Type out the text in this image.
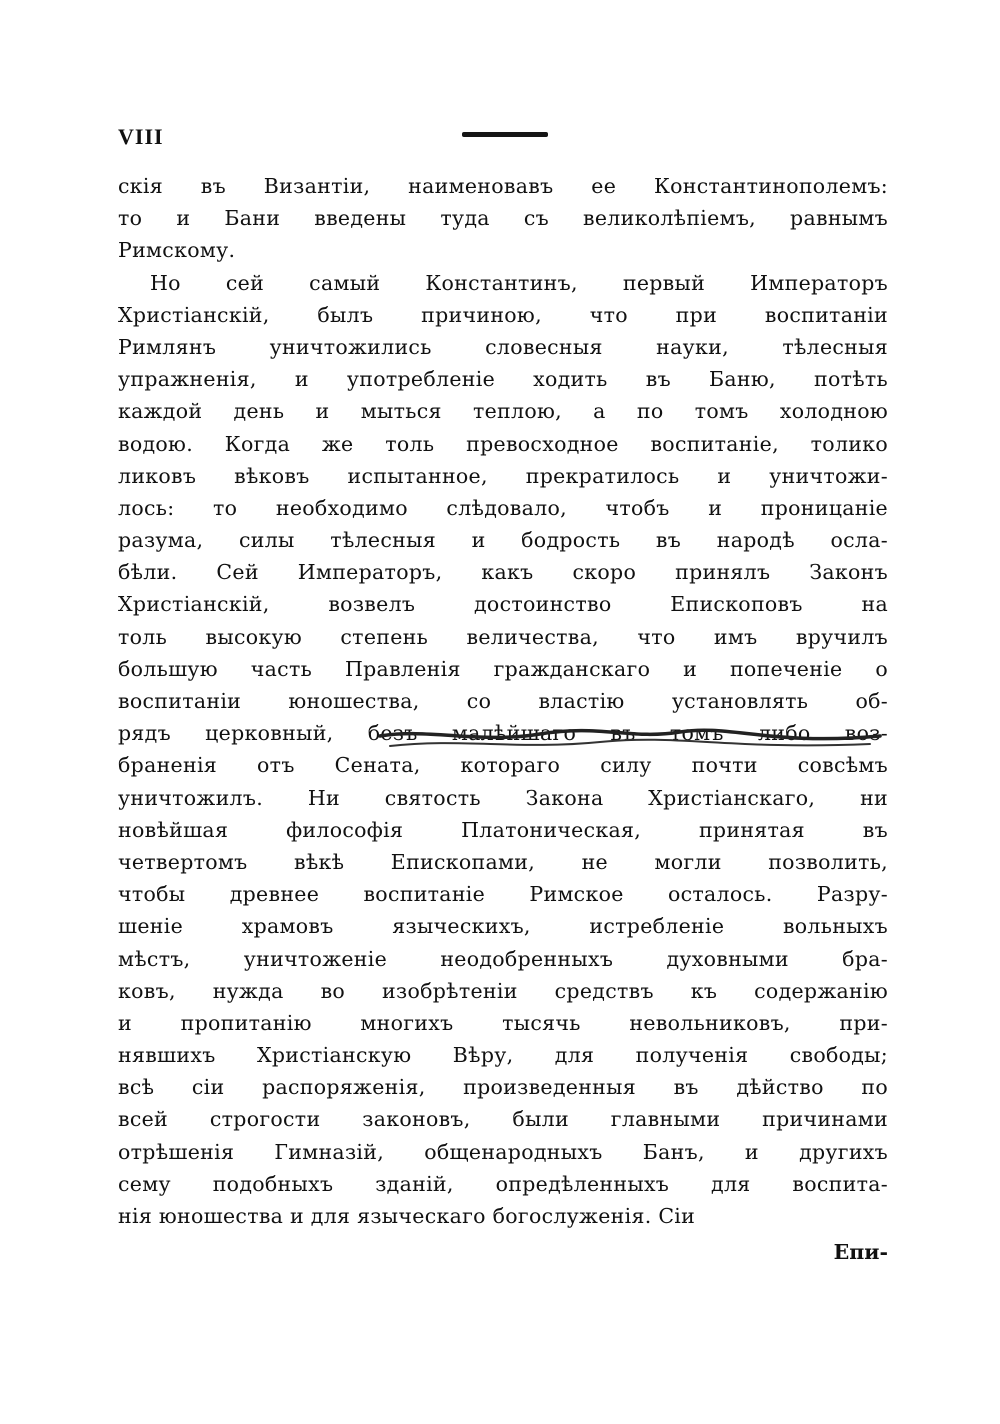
VIII
скія въ Византіи, наименовавъ ее Константинополемъ:
то и Бани введены туда съ великолѣпіемъ, равнымъ
Римскому.
Но сей самый Константинъ, первый Императоръ
Христіанскій, былъ причиною, что при воспитаніи
Римлянъ уничтожились словесныя науки, тѣлесныя
упражненія, и употребленіе ходить въ Баню, потѣть
каждой день и мыться теплою, а по томъ холодною
водою. Когда же толь превосходное воспитаніе, толико
ликовъ вѣковъ испытанное, прекратилось и уничтожи-
лось: то необходимо слѣдовало, чтобъ и проницаніе
разума, силы тѣлесныя и бодрость въ народѣ осла-
бѣли. Сей Императоръ, какъ скоро принялъ Законъ
Христіанскій, возвелъ достоинство Епископовъ на
толь высокую степень величества, что имъ вручилъ
большую часть Правленія гражданскаго и попеченіе о
воспитаніи юношества, со властію установлять об-
рядъ церковный, безъ малѣйшаго въ томъ либо воз-
браненія отъ Сената, котораго силу почти совсѣмъ
уничтожилъ. Ни святость Закона Христіанскаго, ни
новѣйшая философія Платоническая, принятая въ
четвертомъ вѣкѣ Епископами, не могли позволить,
чтобы древнее воспитаніе Римское осталось. Разру-
шеніе храмовъ языческихъ, истребленіе вольныхъ
мѣстъ, уничтоженіе неодобренныхъ духовными бра-
ковъ, нужда во изобрѣтеніи средствъ къ содержанію
и пропитанію многихъ тысячь невольниковъ, при-
нявшихъ Христіанскую Вѣру, для полученія свободы;
всѣ сіи распоряженія, произведенныя въ дѣйство по
всей строгости законовъ, были главными причинами
отрѣшенія Гимназій, общенародныхъ Банъ, и другихъ
сему подобныхъ зданій, опредѣленныхъ для воспита-
нія юношества и для языческаго богослуженія. Сіи
Епи-
